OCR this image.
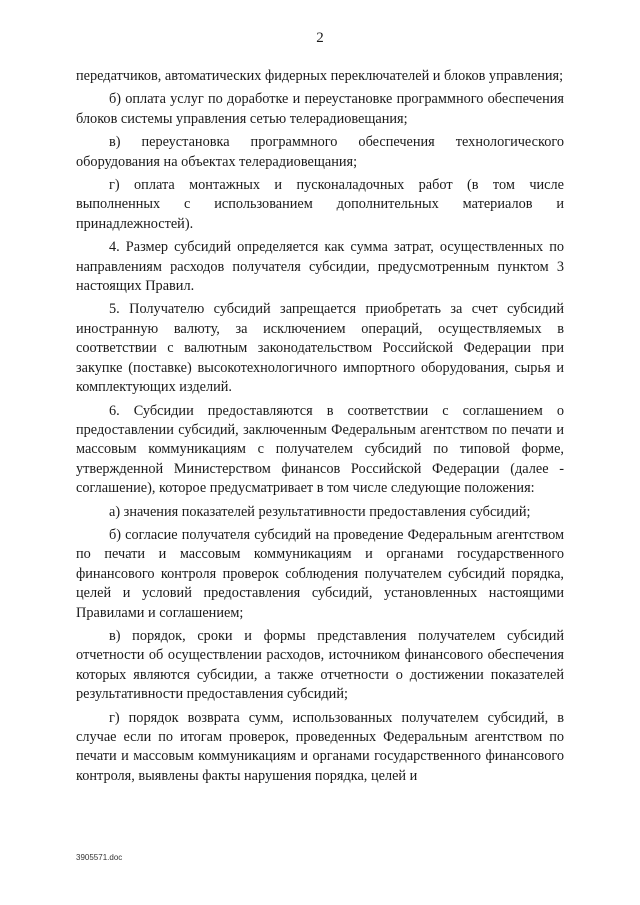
2

передатчиков, автоматических фидерных переключателей и блоков управления;

б) оплата услуг по доработке и переустановке программного обеспечения блоков системы управления сетью телерадиовещания;

в) переустановка программного обеспечения технологического оборудования на объектах телерадиовещания;

г) оплата монтажных и пусконаладочных работ (в том числе выполненных с использованием дополнительных материалов и принадлежностей).

4. Размер субсидий определяется как сумма затрат, осуществленных по направлениям расходов получателя субсидии, предусмотренным пунктом 3 настоящих Правил.

5. Получателю субсидий запрещается приобретать за счет субсидий иностранную валюту, за исключением операций, осуществляемых в соответствии с валютным законодательством Российской Федерации при закупке (поставке) высокотехнологичного импортного оборудования, сырья и комплектующих изделий.

6. Субсидии предоставляются в соответствии с соглашением о предоставлении субсидий, заключенным Федеральным агентством по печати и массовым коммуникациям с получателем субсидий по типовой форме, утвержденной Министерством финансов Российской Федерации (далее - соглашение), которое предусматривает в том числе следующие положения:

а) значения показателей результативности предоставления субсидий;

б) согласие получателя субсидий на проведение Федеральным агентством по печати и массовым коммуникациям и органами государственного финансового контроля проверок соблюдения получателем субсидий порядка, целей и условий предоставления субсидий, установленных настоящими Правилами и соглашением;

в) порядок, сроки и формы представления получателем субсидий отчетности об осуществлении расходов, источником финансового обеспечения которых являются субсидии, а также отчетности о достижении показателей результативности предоставления субсидий;

г) порядок возврата сумм, использованных получателем субсидий, в случае если по итогам проверок, проведенных Федеральным агентством по печати и массовым коммуникациям и органами государственного финансового контроля, выявлены факты нарушения порядка, целей и

3905571.doc
